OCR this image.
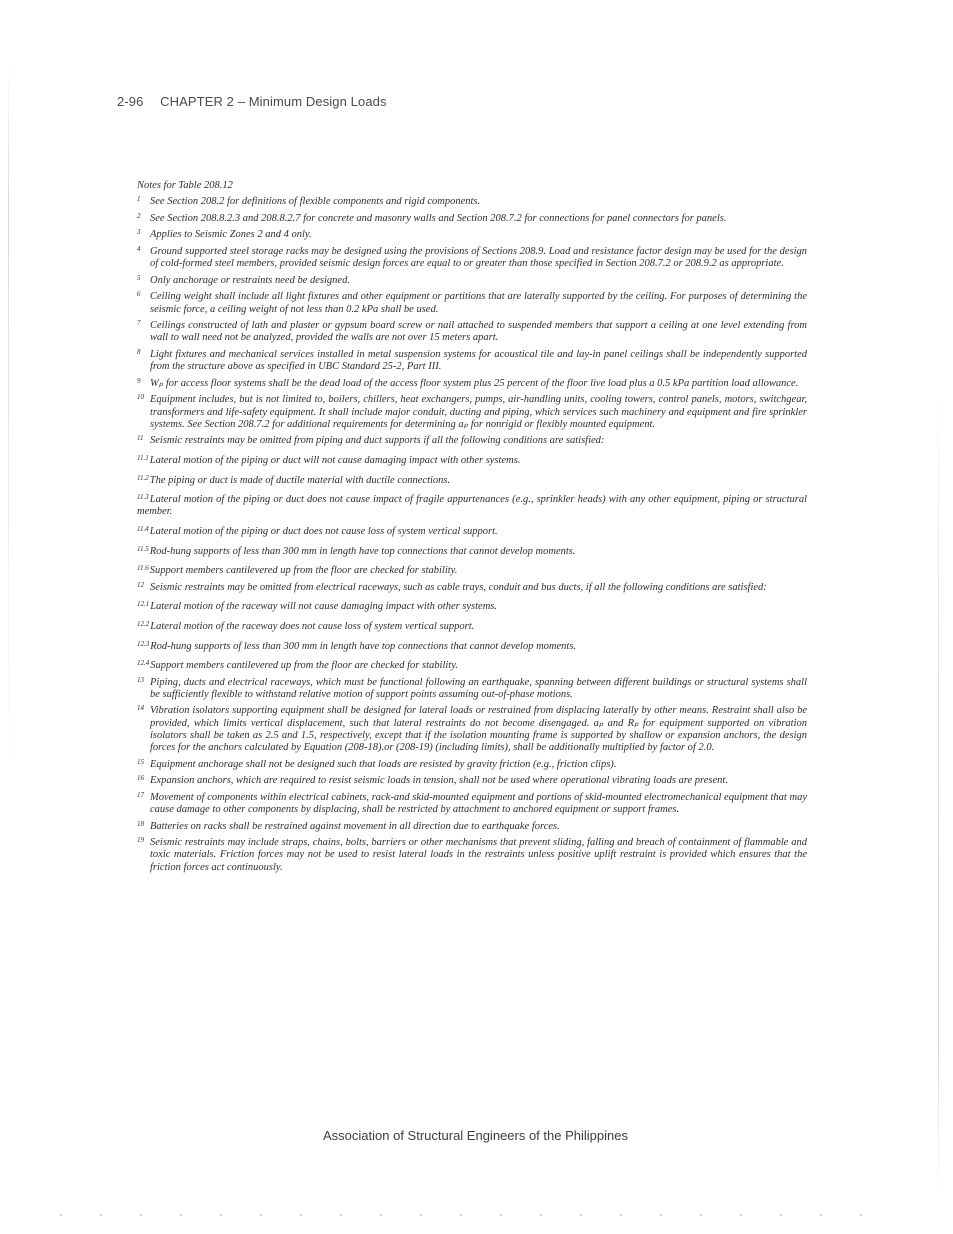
2-96 CHAPTER 2 – Minimum Design Loads
Notes for Table 208.12
1 See Section 208.2 for definitions of flexible components and rigid components.
2 See Section 208.8.2.3 and 208.8.2.7 for concrete and masonry walls and Section 208.7.2 for connections for panel connectors for panels.
3 Applies to Seismic Zones 2 and 4 only.
4 Ground supported steel storage racks may be designed using the provisions of Sections 208.9. Load and resistance factor design may be used for the design of cold-formed steel members, provided seismic design forces are equal to or greater than those specified in Section 208.7.2 or 208.9.2 as appropriate.
5 Only anchorage or restraints need be designed.
6 Ceiling weight shall include all light fixtures and other equipment or partitions that are laterally supported by the ceiling. For purposes of determining the seismic force, a ceiling weight of not less than 0.2 kPa shall be used.
7 Ceilings constructed of lath and plaster or gypsum board screw or nail attached to suspended members that support a ceiling at one level extending from wall to wall need not be analyzed, provided the walls are not over 15 meters apart.
8 Light fixtures and mechanical services installed in metal suspension systems for acoustical tile and lay-in panel ceilings shall be independently supported from the structure above as specified in UBC Standard 25-2, Part III.
9 Wₚ for access floor systems shall be the dead load of the access floor system plus 25 percent of the floor live load plus a 0.5 kPa partition load allowance.
10 Equipment includes, but is not limited to, boilers, chillers, heat exchangers, pumps, air-handling units, cooling towers, control panels, motors, switchgear, transformers and life-safety equipment. It shall include major conduit, ducting and piping, which services such machinery and equipment and fire sprinkler systems. See Section 208.7.2 for additional requirements for determining aₚ for nonrigid or flexibly mounted equipment.
11 Seismic restraints may be omitted from piping and duct supports if all the following conditions are satisfied:
$^{11.1}$Lateral motion of the piping or duct will not cause damaging impact with other systems.
$^{11.2}$The piping or duct is made of ductile material with ductile connections.
$^{11.3}$Lateral motion of the piping or duct does not cause impact of fragile appurtenances (e.g., sprinkler heads) with any other equipment, piping or structural member.
$^{11.4}$Lateral motion of the piping or duct does not cause loss of system vertical support.
$^{11.5}$Rod-hung supports of less than 300 mm in length have top connections that cannot develop moments.
$^{11.6}$Support members cantilevered up from the floor are checked for stability.
12 Seismic restraints may be omitted from electrical raceways, such as cable trays, conduit and bus ducts, if all the following conditions are satisfied:
$^{12.1}$Lateral motion of the raceway will not cause damaging impact with other systems.
$^{12.2}$Lateral motion of the raceway does not cause loss of system vertical support.
$^{12.3}$Rod-hung supports of less than 300 mm in length have top connections that cannot develop moments.
$^{12.4}$Support members cantilevered up from the floor are checked for stability.
13 Piping, ducts and electrical raceways, which must be functional following an earthquake, spanning between different buildings or structural systems shall be sufficiently flexible to withstand relative motion of support points assuming out-of-phase motions.
14 Vibration isolators supporting equipment shall be designed for lateral loads or restrained from displacing laterally by other means. Restraint shall also be provided, which limits vertical displacement, such that lateral restraints do not become disengaged. aₚ and Rₚ for equipment supported on vibration isolators shall be taken as 2.5 and 1.5, respectively, except that if the isolation mounting frame is supported by shallow or expansion anchors, the design forces for the anchors calculated by Equation (208-18).or (208-19) (including limits), shall be additionally multiplied by factor of 2.0.
15 Equipment anchorage shall not be designed such that loads are resisted by gravity friction (e.g., friction clips).
16 Expansion anchors, which are required to resist seismic loads in tension, shall not be used where operational vibrating loads are present.
17 Movement of components within electrical cabinets, rack-and skid-mounted equipment and portions of skid-mounted electromechanical equipment that may cause damage to other components by displacing, shall be restricted by attachment to anchored equipment or support frames.
18 Batteries on racks shall be restrained against movement in all direction due to earthquake forces.
19 Seismic restraints may include straps, chains, bolts, barriers or other mechanisms that prevent sliding, falling and breach of containment of flammable and toxic materials. Friction forces may not be used to resist lateral loads in the restraints unless positive uplift restraint is provided which ensures that the friction forces act continuously.
Association of Structural Engineers of the Philippines
